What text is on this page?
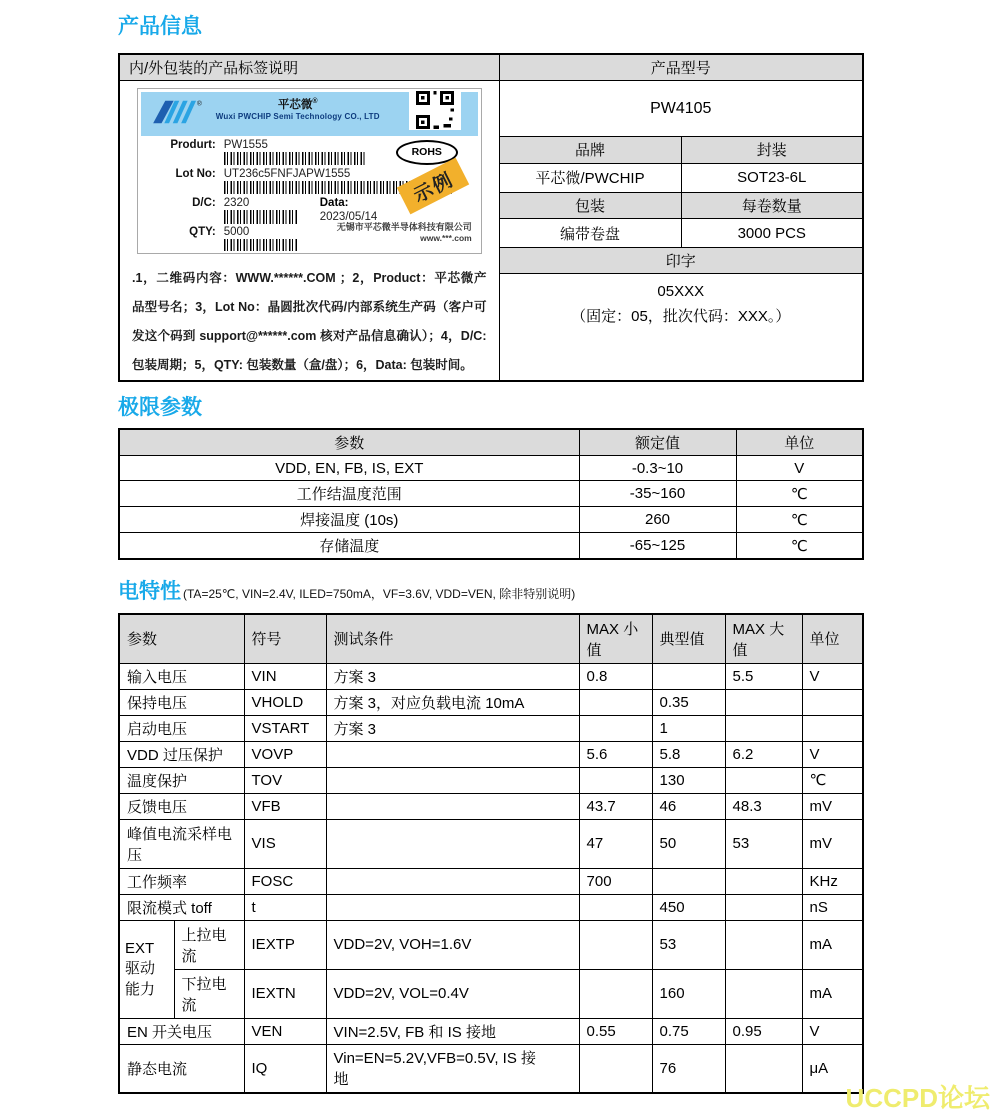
产品信息
内/外包装的产品标签说明	产品型号	

®	平芯微®
Wuxi PWCHIP Semi Technology CO., LTD
Produrt: PW1555
Lot No: UT236c5FNFJAPW1555
D/C: 2320	Data:
2023/05/14
QTY: 5000
ROHS
示例
无锡市平芯微半导体科技有限公司
www.***.com
.1，二维码内容：WWW.******.COM ；2，Product：平芯微产品型号名；3，Lot No：晶圆批次代码/内部系统生产码（客户可发这个码到 support@******.com 核对产品信息确认）；4，D/C: 包装周期；5，QTY: 包装数量（盒/盘）；6，Data: 包装时间。
	PW4105
	品牌	封装
	平芯微/PWCHIP	SOT23-6L
	包装	每卷数量
	编带卷盘	3000 PCS
	印字	

	05XXX
（固定：05，批次代码：XXX。）	
极限参数
参数	额定值	单位
VDD, EN, FB, IS, EXT	-0.3~10	V
工作结温度范围	-35~160	℃
焊接温度 (10s)	260	℃
存储温度	-65~125	℃
电特性 (TA=25℃, VIN=2.4V, ILED=750mA，VF=3.6V, VDD=VEN, 除非特别说明)
参数		符号	测试条件	MAX 小值	典型值	MAX 大值	单位
输入电压		VIN	方案 3	0.8		5.5	V
保持电压		VHOLD	方案 3，对应负载电流 10mA		0.35		
启动电压		VSTART	方案 3		1		
VDD 过压保护		VOVP		5.6	5.8	6.2	V
温度保护		TOV			130		℃
反馈电压		VFB		43.7	46	48.3	mV
峰值电流采样电压		VIS		47	50	53	mV
工作频率		FOSC		700			KHz
限流模式 toff		t			450		nS
EXT 驱动能力	上拉电流	IEXTP	VDD=2V, VOH=1.6V		53		mA
	下拉电流	IEXTN	VDD=2V, VOL=0.4V		160		mA
EN 开关电压		VEN	VIN=2.5V, FB 和 IS 接地	0.55	0.75	0.95	V
静态电流		IQ	Vin=EN=5.2V,VFB=0.5V, IS 接地		76		μA
UCCPD论坛
